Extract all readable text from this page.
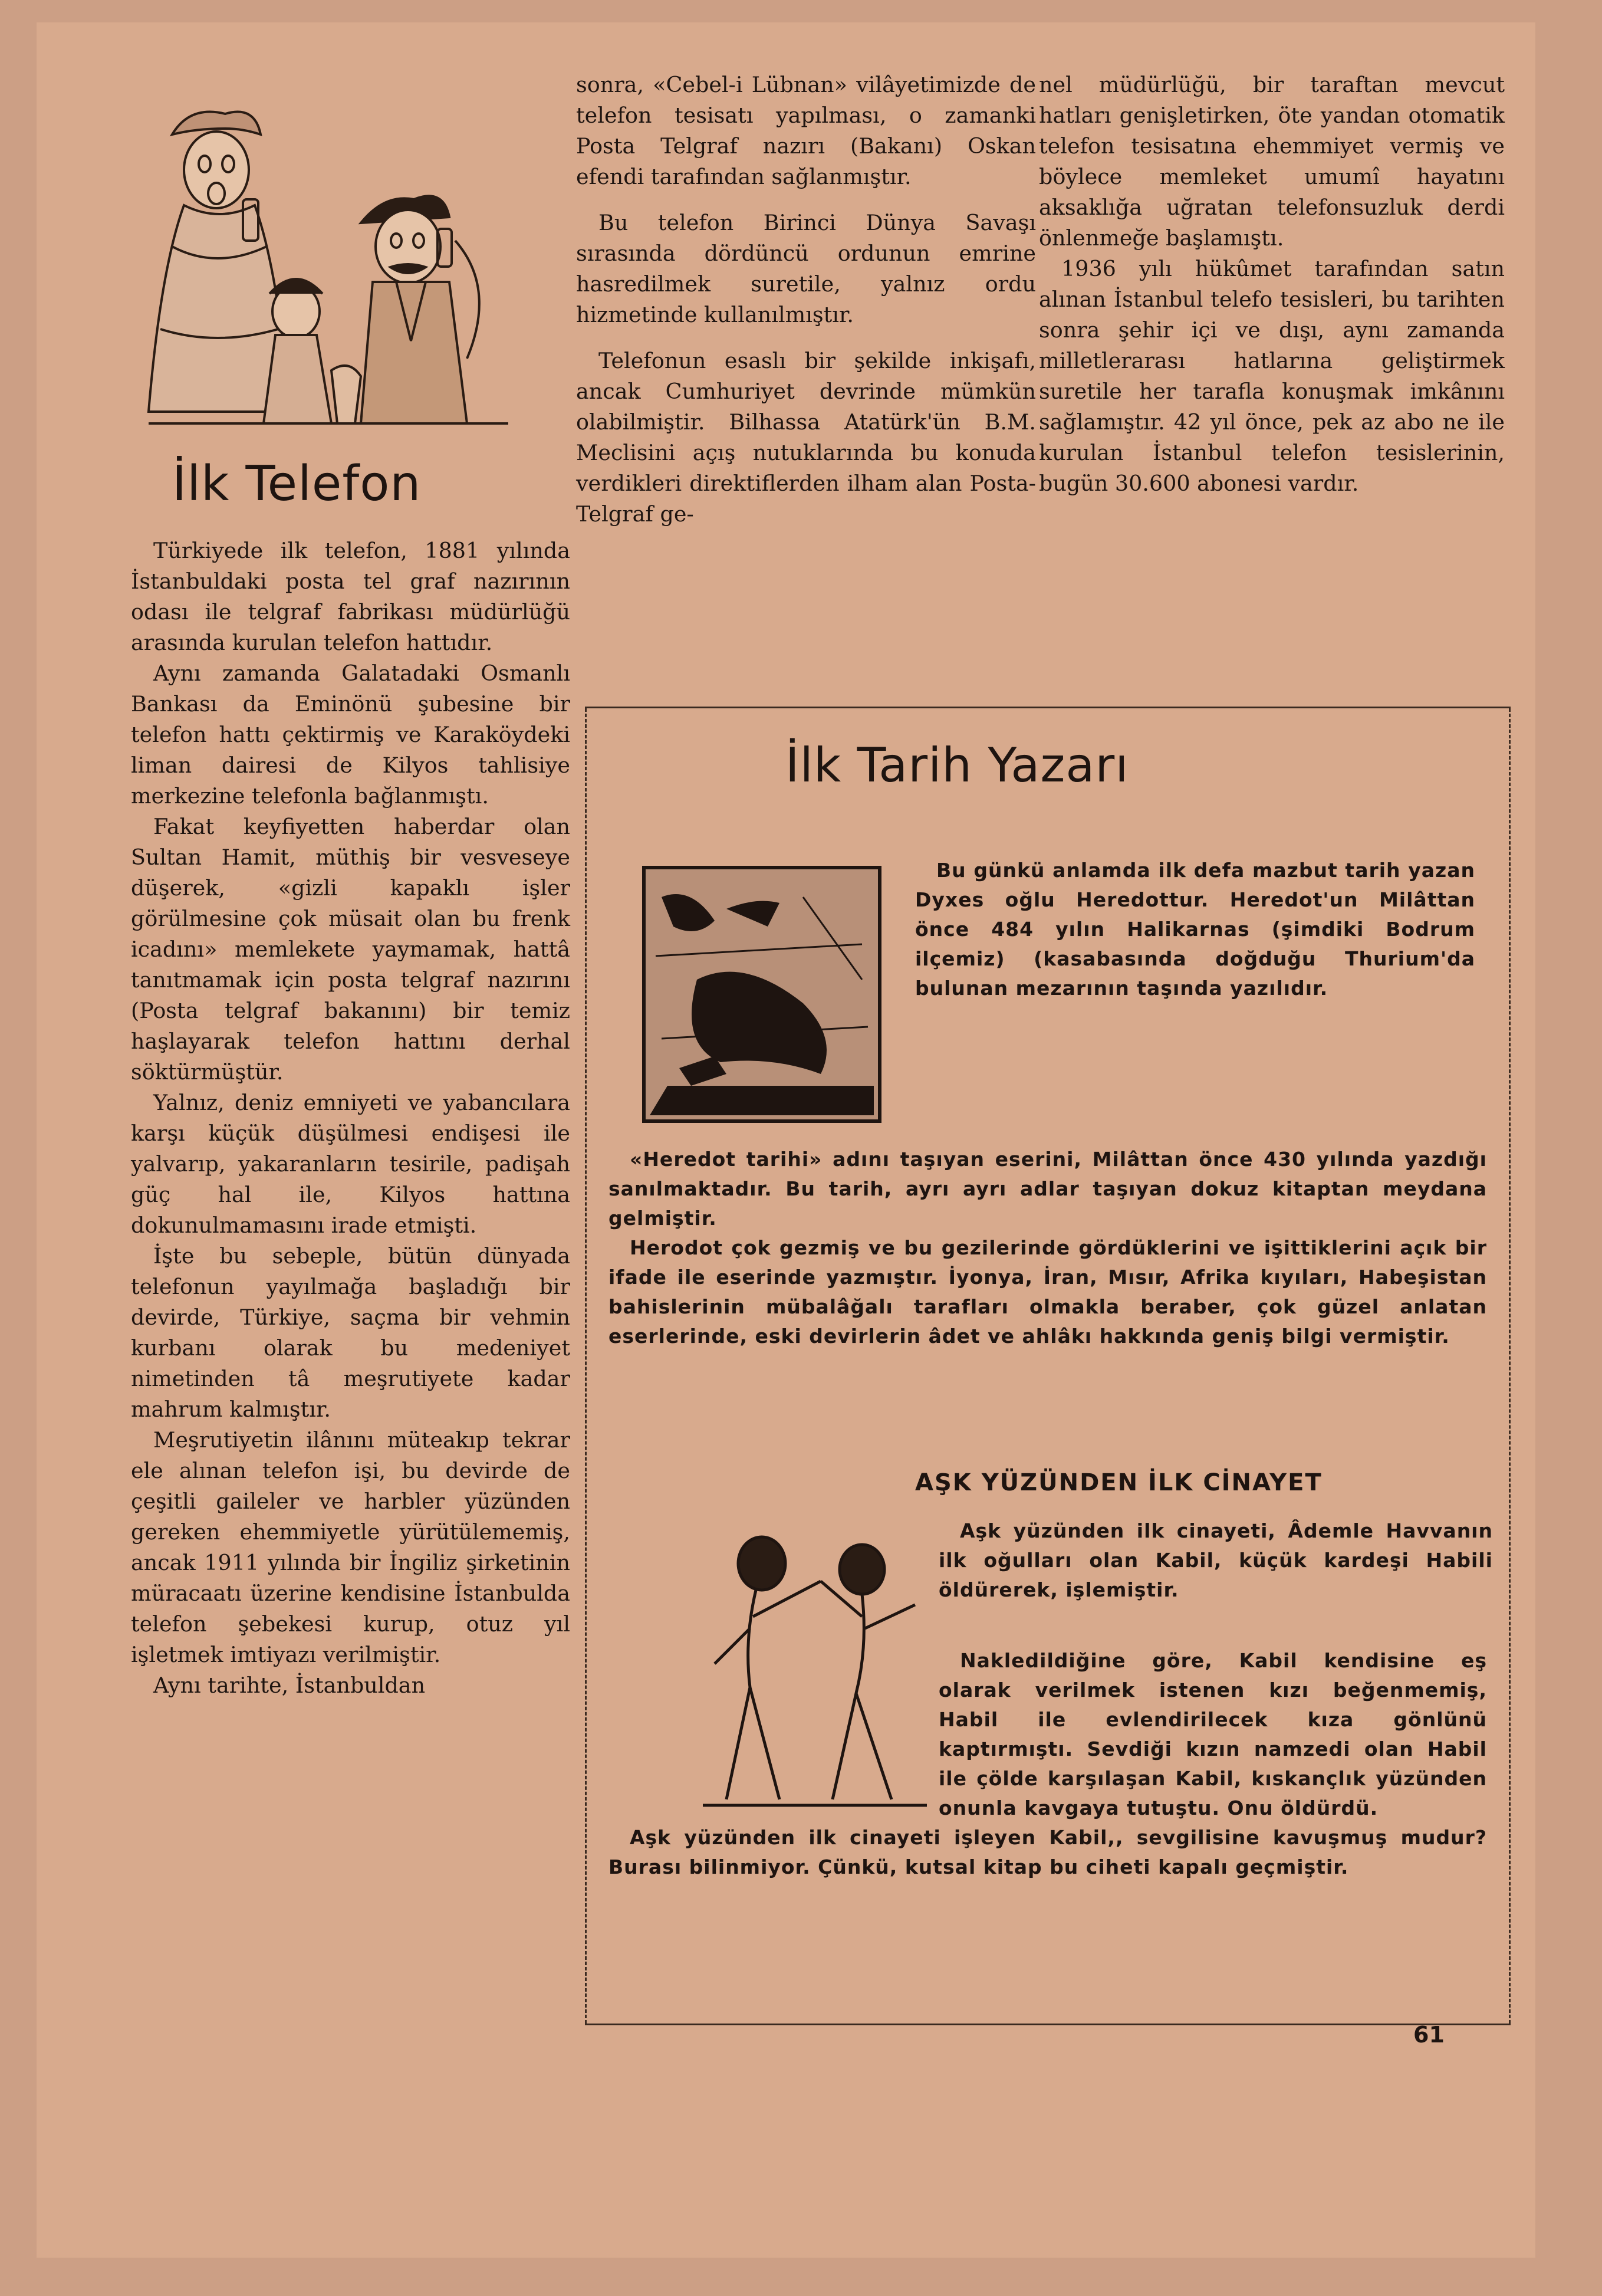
İlk Telefon

Türkiyede ilk telefon, 1881 yılında İstanbuldaki posta tel graf nazırının odası ile telgraf fabrikası müdürlüğü arasında kurulan telefon hattıdır.

Aynı zamanda Galatadaki Osmanlı Bankası da Eminönü şubesine bir telefon hattı çektirmiş ve Karaköydeki liman dairesi de Kilyos tahlisiye merkezine telefonla bağlanmıştı.

Fakat keyfiyetten haberdar olan Sultan Hamit, müthiş bir vesveseye düşerek, «gizli kapaklı işler görülmesine çok müsait olan bu frenk icadını» memlekete yaymamak, hattâ tanıtmamak için posta telgraf nazırını (Posta telgraf bakanını) bir temiz haşlayarak telefon hattını derhal söktürmüştür.

Yalnız, deniz emniyeti ve yabancılara karşı küçük düşülmesi endişesi ile yalvarıp, yakaranların tesirile, padişah güç hal ile, Kilyos hattına dokunulmamasını irade etmişti.

İşte bu sebeple, bütün dünyada telefonun yayılmağa başladığı bir devirde, Türkiye, saçma bir vehmin kurbanı olarak bu medeniyet nimetinden tâ meşrutiyete kadar mahrum kalmıştır.

Meşrutiyetin ilânını müteakıp tekrar ele alınan telefon işi, bu devirde de çeşitli gaileler ve harbler yüzünden gereken ehemmiyetle yürütülememiş, ancak 1911 yılında bir İngiliz şirketinin müracaatı üzerine kendisine İstanbulda telefon şebekesi kurup, otuz yıl işletmek imtiyazı verilmiştir.

Aynı tarihte, İstanbuldan

sonra, «Cebel-i Lübnan» vilâyetimizde de telefon tesisatı yapılması, o zamanki Posta Telgraf nazırı (Bakanı) Oskan efendi tarafından sağlanmıştır.

Bu telefon Birinci Dünya Savaşı sırasında dördüncü ordunun emrine hasredilmek suretile, yalnız ordu hizmetinde kullanılmıştır.

Telefonun esaslı bir şekilde inkişafı, ancak Cumhuriyet devrinde mümkün olabilmiştir. Bilhassa Atatürk'ün B.M. Meclisini açış nutuklarında bu konuda verdikleri direktiflerden ilham alan Posta-Telgraf ge-

nel müdürlüğü, bir taraftan mevcut hatları genişletirken, öte yandan otomatik telefon tesisatına ehemmiyet vermiş ve böylece memleket umumî hayatını aksaklığa uğratan telefonsuzluk derdi önlenmeğe başlamıştı.

1936 yılı hükûmet tarafından satın alınan İstanbul telefo tesisleri, bu tarihten sonra şehir içi ve dışı, aynı zamanda milletlerarası hatlarına geliştirmek suretile her tarafla konuşmak imkânını sağlamıştır. 42 yıl önce, pek az abo ne ile kurulan İstanbul telefon tesislerinin, bugün 30.600 abonesi vardır.

İlk Tarih Yazarı

Bu günkü anlamda ilk defa mazbut tarih yazan Dyxes oğlu Heredottur. Heredot'un Milâttan önce 484 yılın Halikarnas (şimdiki Bodrum ilçemiz) (kasabasında doğduğu Thurium'da bulunan mezarının taşında yazılıdır.

«Heredot tarihi» adını taşıyan eserini, Milâttan önce 430 yılında yazdığı sanılmaktadır. Bu tarih, ayrı ayrı adlar taşıyan dokuz kitaptan meydana gelmiştir.

Herodot çok gezmiş ve bu gezilerinde gördüklerini ve işittiklerini açık bir ifade ile eserinde yazmıştır. İyonya, İran, Mısır, Afrika kıyıları, Habeşistan bahislerinin mübalâğalı tarafları olmakla beraber, çok güzel anlatan eserlerinde, eski devirlerin âdet ve ahlâkı hakkında geniş bilgi vermiştir.

AŞK YÜZÜNDEN İLK CİNAYET

Aşk yüzünden ilk cinayeti, Âdemle Havvanın ilk oğulları olan Kabil, küçük kardeşi Habili öldürerek, işlemiştir.

Nakledildiğine göre, Kabil kendisine eş olarak verilmek istenen kızı beğenmemiş, Habil ile evlendirilecek kıza gönlünü kaptırmıştı. Sevdiği kızın namzedi olan Habil ile çölde karşılaşan Kabil, kıskançlık yüzünden onunla kavgaya tutuştu. Onu öldürdü.

Aşk yüzünden ilk cinayeti işleyen Kabil,, sevgilisine kavuşmuş mudur? Burası bilinmiyor. Çünkü, kutsal kitap bu ciheti kapalı geçmiştir.

61
